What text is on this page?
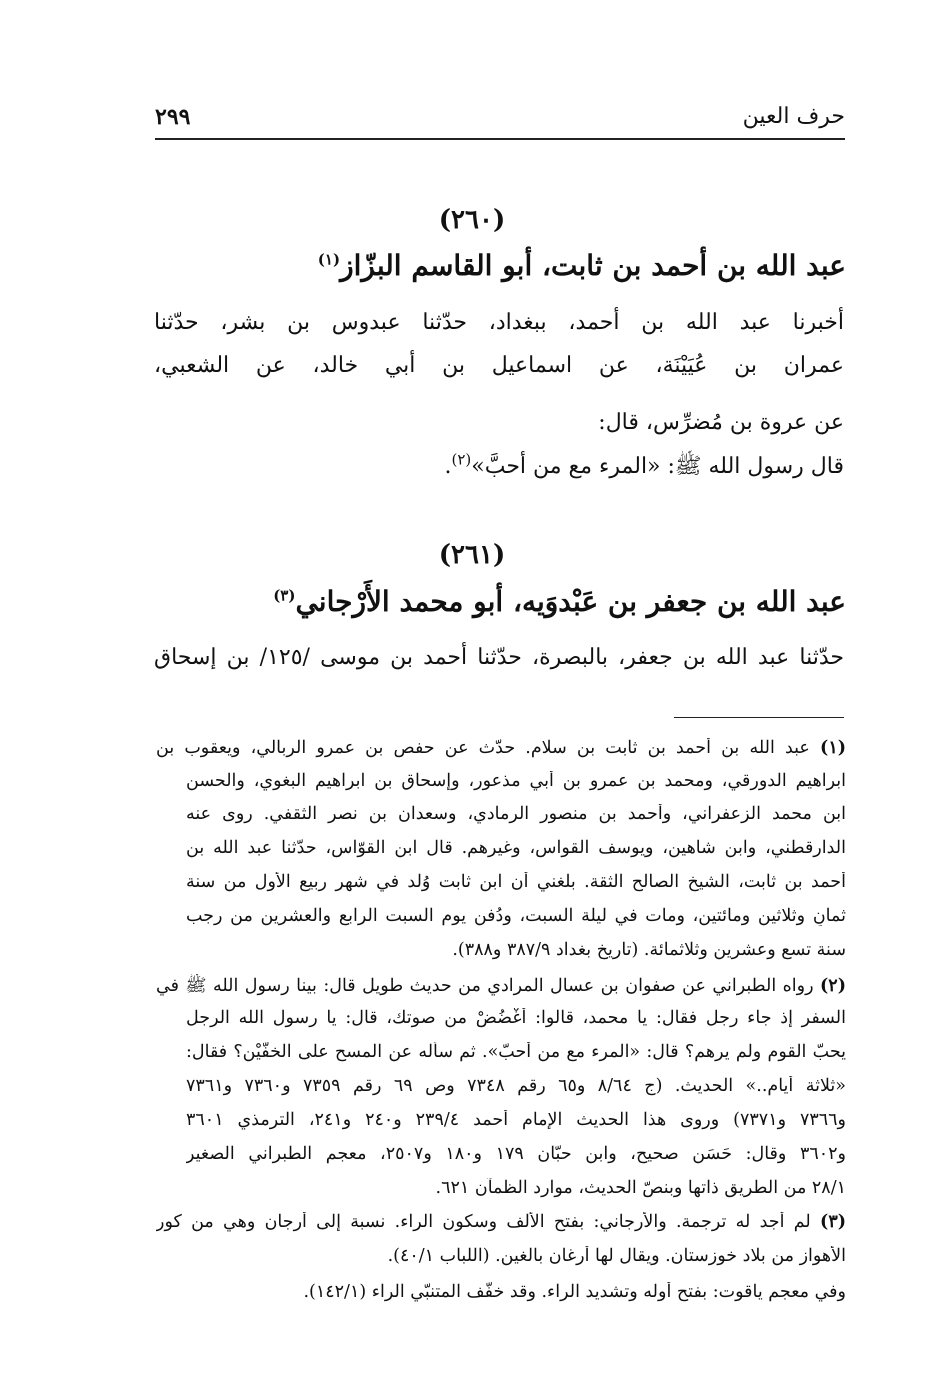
حرف العين
٢٩٩
(٢٦٠)
عبد الله بن أحمد بن ثابت، أبو القاسم البزّاز$^{(١)}$
أخبرنا عبد الله بن أحمد، ببغداد، حدّثنا عبدوس بن بشر، حدّثنا
عمران بن عُيَيْنَة، عن اسماعيل بن أبي خالد، عن الشعبي،
عن عروة بن مُضرِّس، قال:
قال رسول الله ﷺ: «المرء مع من أحبَّ»$^{(٢)}$.
(٢٦١)
عبد الله بن جعفر بن عَبْدوَيه، أبو محمد الأَرْجاني$^{(٣)}$
حدّثنا عبد الله بن جعفر، بالبصرة، حدّثنا أحمد بن موسى /١٢٥/ بن إسحاق
(١) عبد الله بن أحمد بن ثابت بن سلام. حدّث عن حفص بن عمرو الربالي، ويعقوب بن
ابراهيم الدورقي، ومحمد بن عمرو بن أبي مذعور، وإسحاق بن ابراهيم البغوي، والحسن
ابن محمد الزعفراني، وأحمد بن منصور الرمادي، وسعدان بن نصر الثقفي. روى عنه
الدارقطني، وابن شاهين، ويوسف القواس، وغيرهم. قال ابن القوّاس، حدّثنا عبد الله بن
أحمد بن ثابت، الشيخ الصالح الثقة. بلغني أن ابن ثابت وُلد في شهر ربيع الأول من سنة
ثمانٍ وثلاثين ومائتين، ومات في ليلة السبت، ودُفن يوم السبت الرابع والعشرين من رجب
سنة تسع وعشرين وثلاثمائة. (تاريخ بغداد ٣٨٧/٩ و٣٨٨).
(٢) رواه الطبراني عن صفوان بن عسال المرادي من حديث طويل قال: بينا رسول الله ﷺ في
السفر إذ جاء رجل فقال: يا محمد، قالوا: أُغْضُضْ من صوتك، قال: يا رسول الله الرجل
يحبّ القوم ولم يرهم؟ قال: «المرء مع من أحبّ». ثم سأله عن المسح على الخفّيْن؟ فقال:
«ثلاثة أيام..» الحديث. (ج ٨/٦٤ و٦٥ رقم ٧٣٤٨ وص ٦٩ رقم ٧٣٥٩ و٧٣٦٠ و٧٣٦١
و٧٣٦٦ و٧٣٧١) وروى هذا الحديث الإمام أحمد ٢٣٩/٤ و٢٤٠ و٢٤١، الترمذي ٣٦٠١
و٣٦٠٢ وقال: حَسَن صحيح، وابن حبّان ١٧٩ و١٨٠ و٢٥٠٧، معجم الطبراني الصغير
٢٨/١ من الطريق ذاتها وبنصّ الحديث، موارد الظمآن ٦٢١.
(٣) لم أجد له ترجمة. والأرجاني: بفتح الألف وسكون الراء. نسبة إلى أرجان وهي من كور
الأهواز من بلاد خوزستان. ويقال لها أرغان بالغين. (اللباب ٤٠/١).
وفي معجم ياقوت: بفتح أوله وتشديد الراء. وقد خفّف المتنبّي الراء (١٤٢/١).
